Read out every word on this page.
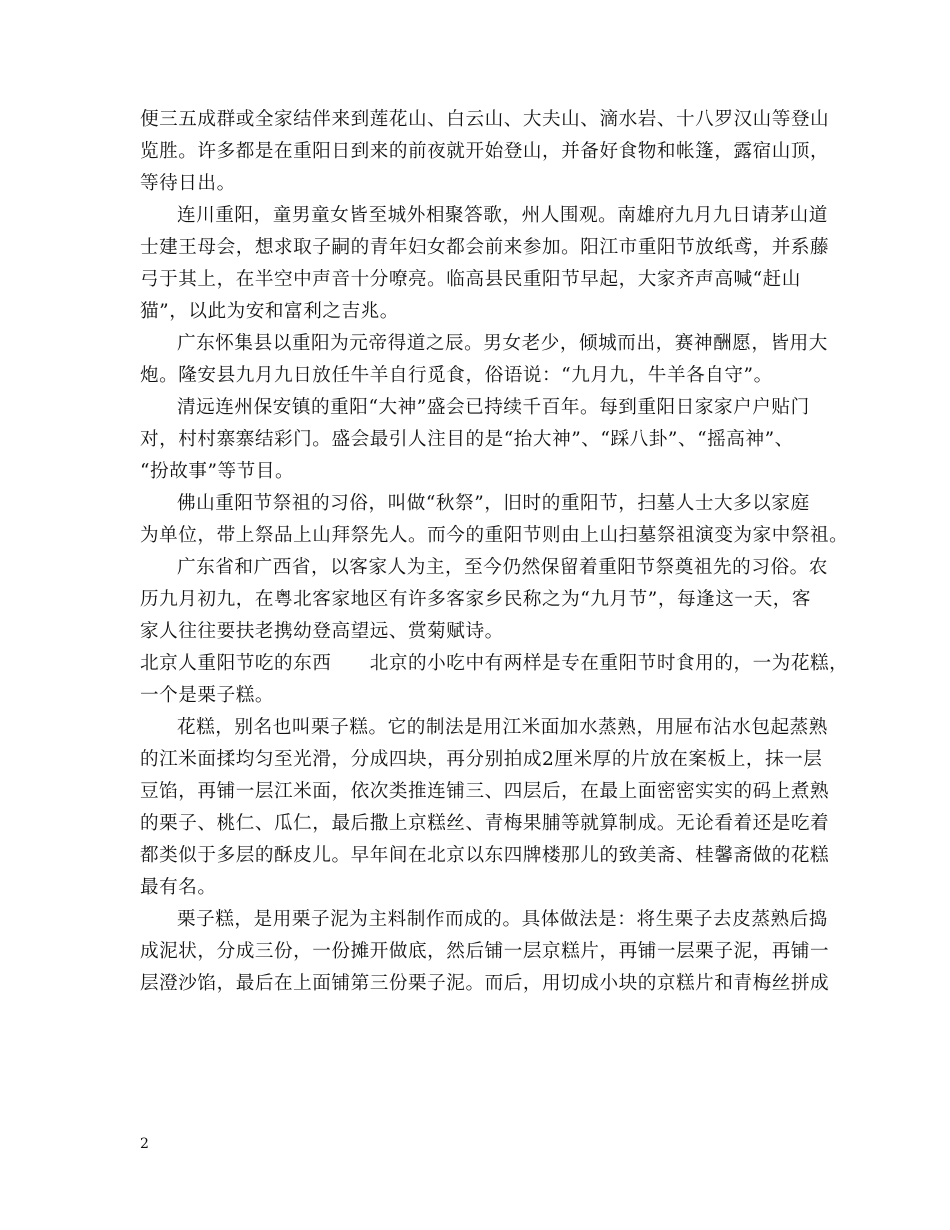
便三五成群或全家结伴来到莲花山、白云山、大夫山、滴水岩、十八罗汉山等登山
览胜。许多都是在重阳日到来的前夜就开始登山，并备好食物和帐篷，露宿山顶，
等待日出。
连川重阳，童男童女皆至城外相聚答歌，州人围观。南雄府九月九日请茅山道
士建王母会，想求取子嗣的青年妇女都会前来参加。阳江市重阳节放纸鸢，并系藤
弓于其上，在半空中声音十分嘹亮。临高县民重阳节早起，大家齐声高喊“赶山
猫”，以此为安和富利之吉兆。
广东怀集县以重阳为元帝得道之辰。男女老少，倾城而出，赛神酬愿，皆用大
炮。隆安县九月九日放任牛羊自行觅食，俗语说：“九月九，牛羊各自守”。
清远连州保安镇的重阳“大神”盛会已持续千百年。每到重阳日家家户户贴门
对，村村寨寨结彩门。盛会最引人注目的是“抬大神”、“踩八卦”、“摇高神”、
“扮故事”等节目。
佛山重阳节祭祖的习俗，叫做“秋祭”，旧时的重阳节，扫墓人士大多以家庭
为单位，带上祭品上山拜祭先人。而今的重阳节则由上山扫墓祭祖演变为家中祭祖。
广东省和广西省，以客家人为主，至今仍然保留着重阳节祭奠祖先的习俗。农
历九月初九，在粤北客家地区有许多客家乡民称之为“九月节”，每逢这一天，客
家人往往要扶老携幼登高望远、赏菊赋诗。
北京人重阳节吃的东西　　北京的小吃中有两样是专在重阳节时食用的，一为花糕，
一个是栗子糕。
花糕，别名也叫栗子糕。它的制法是用江米面加水蒸熟，用屉布沾水包起蒸熟
的江米面揉均匀至光滑，分成四块，再分别拍成2厘米厚的片放在案板上，抹一层
豆馅，再铺一层江米面，依次类推连铺三、四层后，在最上面密密实实的码上煮熟
的栗子、桃仁、瓜仁，最后撒上京糕丝、青梅果脯等就算制成。无论看着还是吃着
都类似于多层的酥皮儿。早年间在北京以东四牌楼那儿的致美斋、桂馨斋做的花糕
最有名。
栗子糕，是用栗子泥为主料制作而成的。具体做法是：将生栗子去皮蒸熟后捣
成泥状，分成三份，一份摊开做底，然后铺一层京糕片，再铺一层栗子泥，再铺一
层澄沙馅，最后在上面铺第三份栗子泥。而后，用切成小块的京糕片和青梅丝拼成
2
